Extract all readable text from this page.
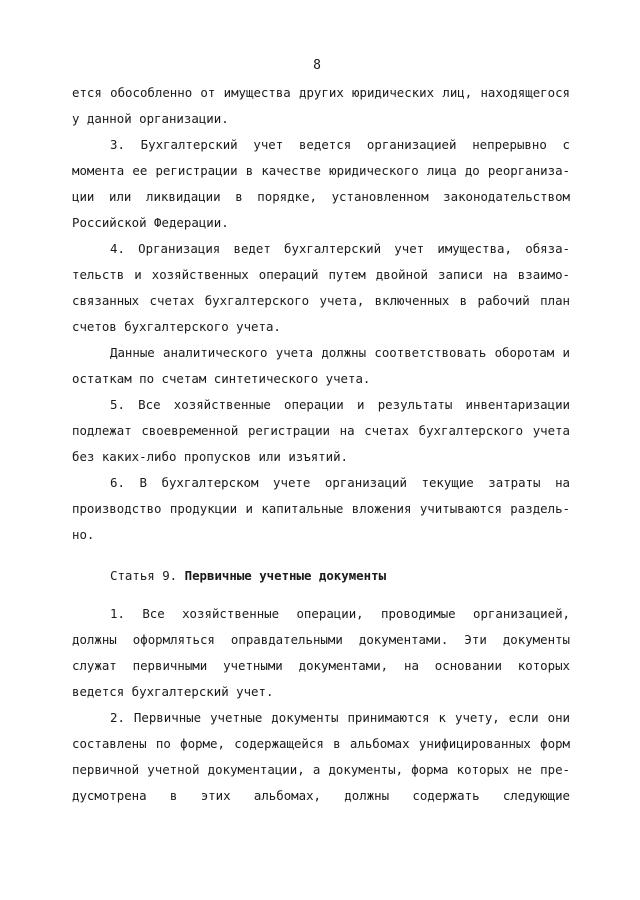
8
ется обособленно от имущества других юридических лиц, находящегося
у данной организации.
3. Бухгалтерский учет ведется организацией непрерывно с
момента ее регистрации в качестве юридического лица до реорганиза-
ции или ликвидации в порядке, установленном законодательством
Российской Федерации.
4. Организация ведет бухгалтерский учет имущества, обяза-
тельств и хозяйственных операций путем двойной записи на взаимо-
связанных счетах бухгалтерского учета, включенных в рабочий план
счетов бухгалтерского учета.
Данные аналитического учета должны соответствовать оборотам и
остаткам по счетам синтетического учета.
5. Все хозяйственные операции и результаты инвентаризации
подлежат своевременной регистрации на счетах бухгалтерского учета
без каких-либо пропусков или изъятий.
6. В бухгалтерском учете организаций текущие затраты на
производство продукции и капитальные вложения учитываются раздель-
но.
Статья 9. Первичные учетные документы
1. Все хозяйственные операции, проводимые организацией,
должны оформляться оправдательными документами. Эти документы
служат первичными учетными документами, на основании которых
ведется бухгалтерский учет.
2. Первичные учетные документы принимаются к учету, если они
составлены по форме, содержащейся в альбомах унифицированных форм
первичной учетной документации, а документы, форма которых не пре-
дусмотрена в этих альбомах, должны содержать следующие
